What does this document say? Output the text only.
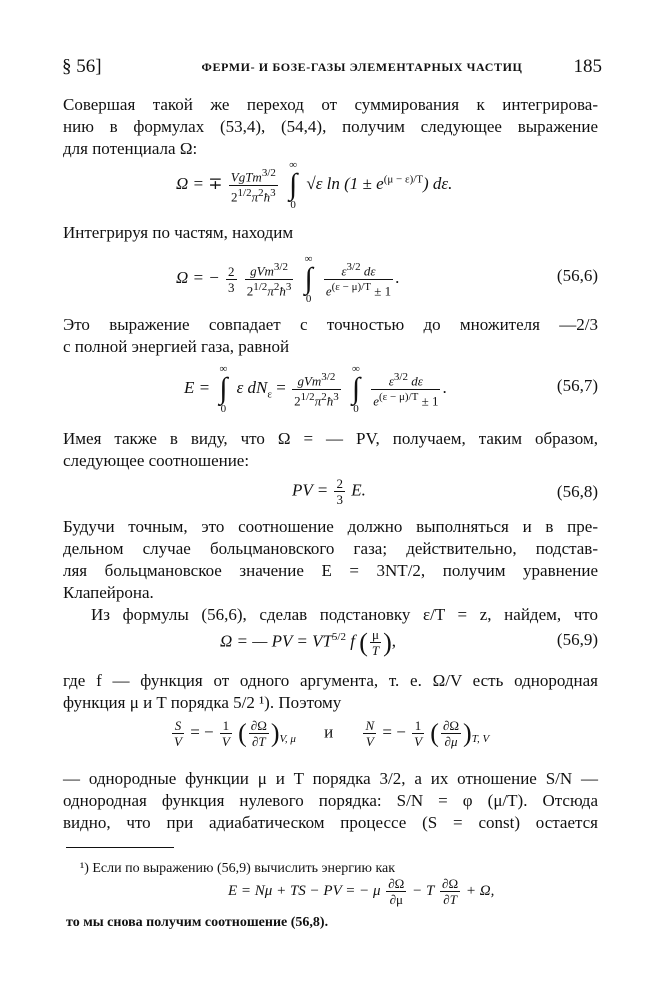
§ 56]	ФЕРМИ- И БОЗЕ-ГАЗЫ ЭЛЕМЕНТАРНЫХ ЧАСТИЦ	185

Совершая такой же переход от суммирования к интегрирова-
нию в формулах (53,4), (54,4), получим следующее выражение
для потенциала Ω:

Ω = ∓ $\frac{VgTm^{3/2}}{2^{1/2}\pi^2ħ^3}$

∞
∫
0
√ε $\ln (1 \pm e^{(\mu - \varepsilon)/T})$ dε.

Интегрируя по частям, находим

Ω = − $\frac{2}{3}$
$\frac{gVm^{3/2}}{2^{1/2}\pi^2ħ^3}$

∞
∫
0

$\frac{\varepsilon^{3/2} d\varepsilon}{e^{(\varepsilon - \mu)/T} \pm 1}$ .	(56,6)

Это выражение совпадает с точностью до множителя —2/3
с полной энергией газа, равной

E =
∞
∫
0
ε $dN_\varepsilon = \frac{gVm^{3/2}}{2^{1/2}\pi^2ħ^3}$

∞
∫
0

$\frac{\varepsilon^{3/2} d\varepsilon}{e^{(\varepsilon - \mu)/T} \pm 1}$ .	(56,7)

Имея также в виду, что Ω = — PV, получаем, таким образом,
следующее соотношение:

PV = $\frac{2}{3} E$.	(56,8)

Будучи точным, это соотношение должно выполняться и в пре-
дельном случае больцмановского газа; действительно, подстав-
ляя больцмановское значение E = 3NT/2, получим уравнение
Клапейрона.

Из формулы (56,6), сделав подстановку ε/T = z, найдем, что

Ω = — PV = $VT^{5/2}$ f ( $\frac{\mu}{T}$ ),	(56,9)

где f — функция от одного аргумента, т. е. Ω/V есть однородная
функция μ и T порядка 5/2 ¹). Поэтому

$\frac{S}{V}$ = − $\frac{1}{V}$ ( $\frac{\partial\Omega}{\partial T} )_{V, \mu}$ и $\frac{N}{V}$ = − $\frac{1}{V}$ ( $\frac{\partial\Omega}{\partial\mu} )_{T, V}$

— однородные функции μ и T порядка 3/2, а их отношение S/N —
однородная функция нулевого порядка: S/N = φ (μ/T). Отсюда
видно, что при адиабатическом процессе (S = const) остается

¹) Если по выражению (56,9) вычислить энергию как
E = Nμ + TS − PV = − μ $\frac{\partial\Omega}{\partial\mu} - T \frac{\partial\Omega}{\partial T} + \Omega$,
то мы снова получим соотношение (56,8).
